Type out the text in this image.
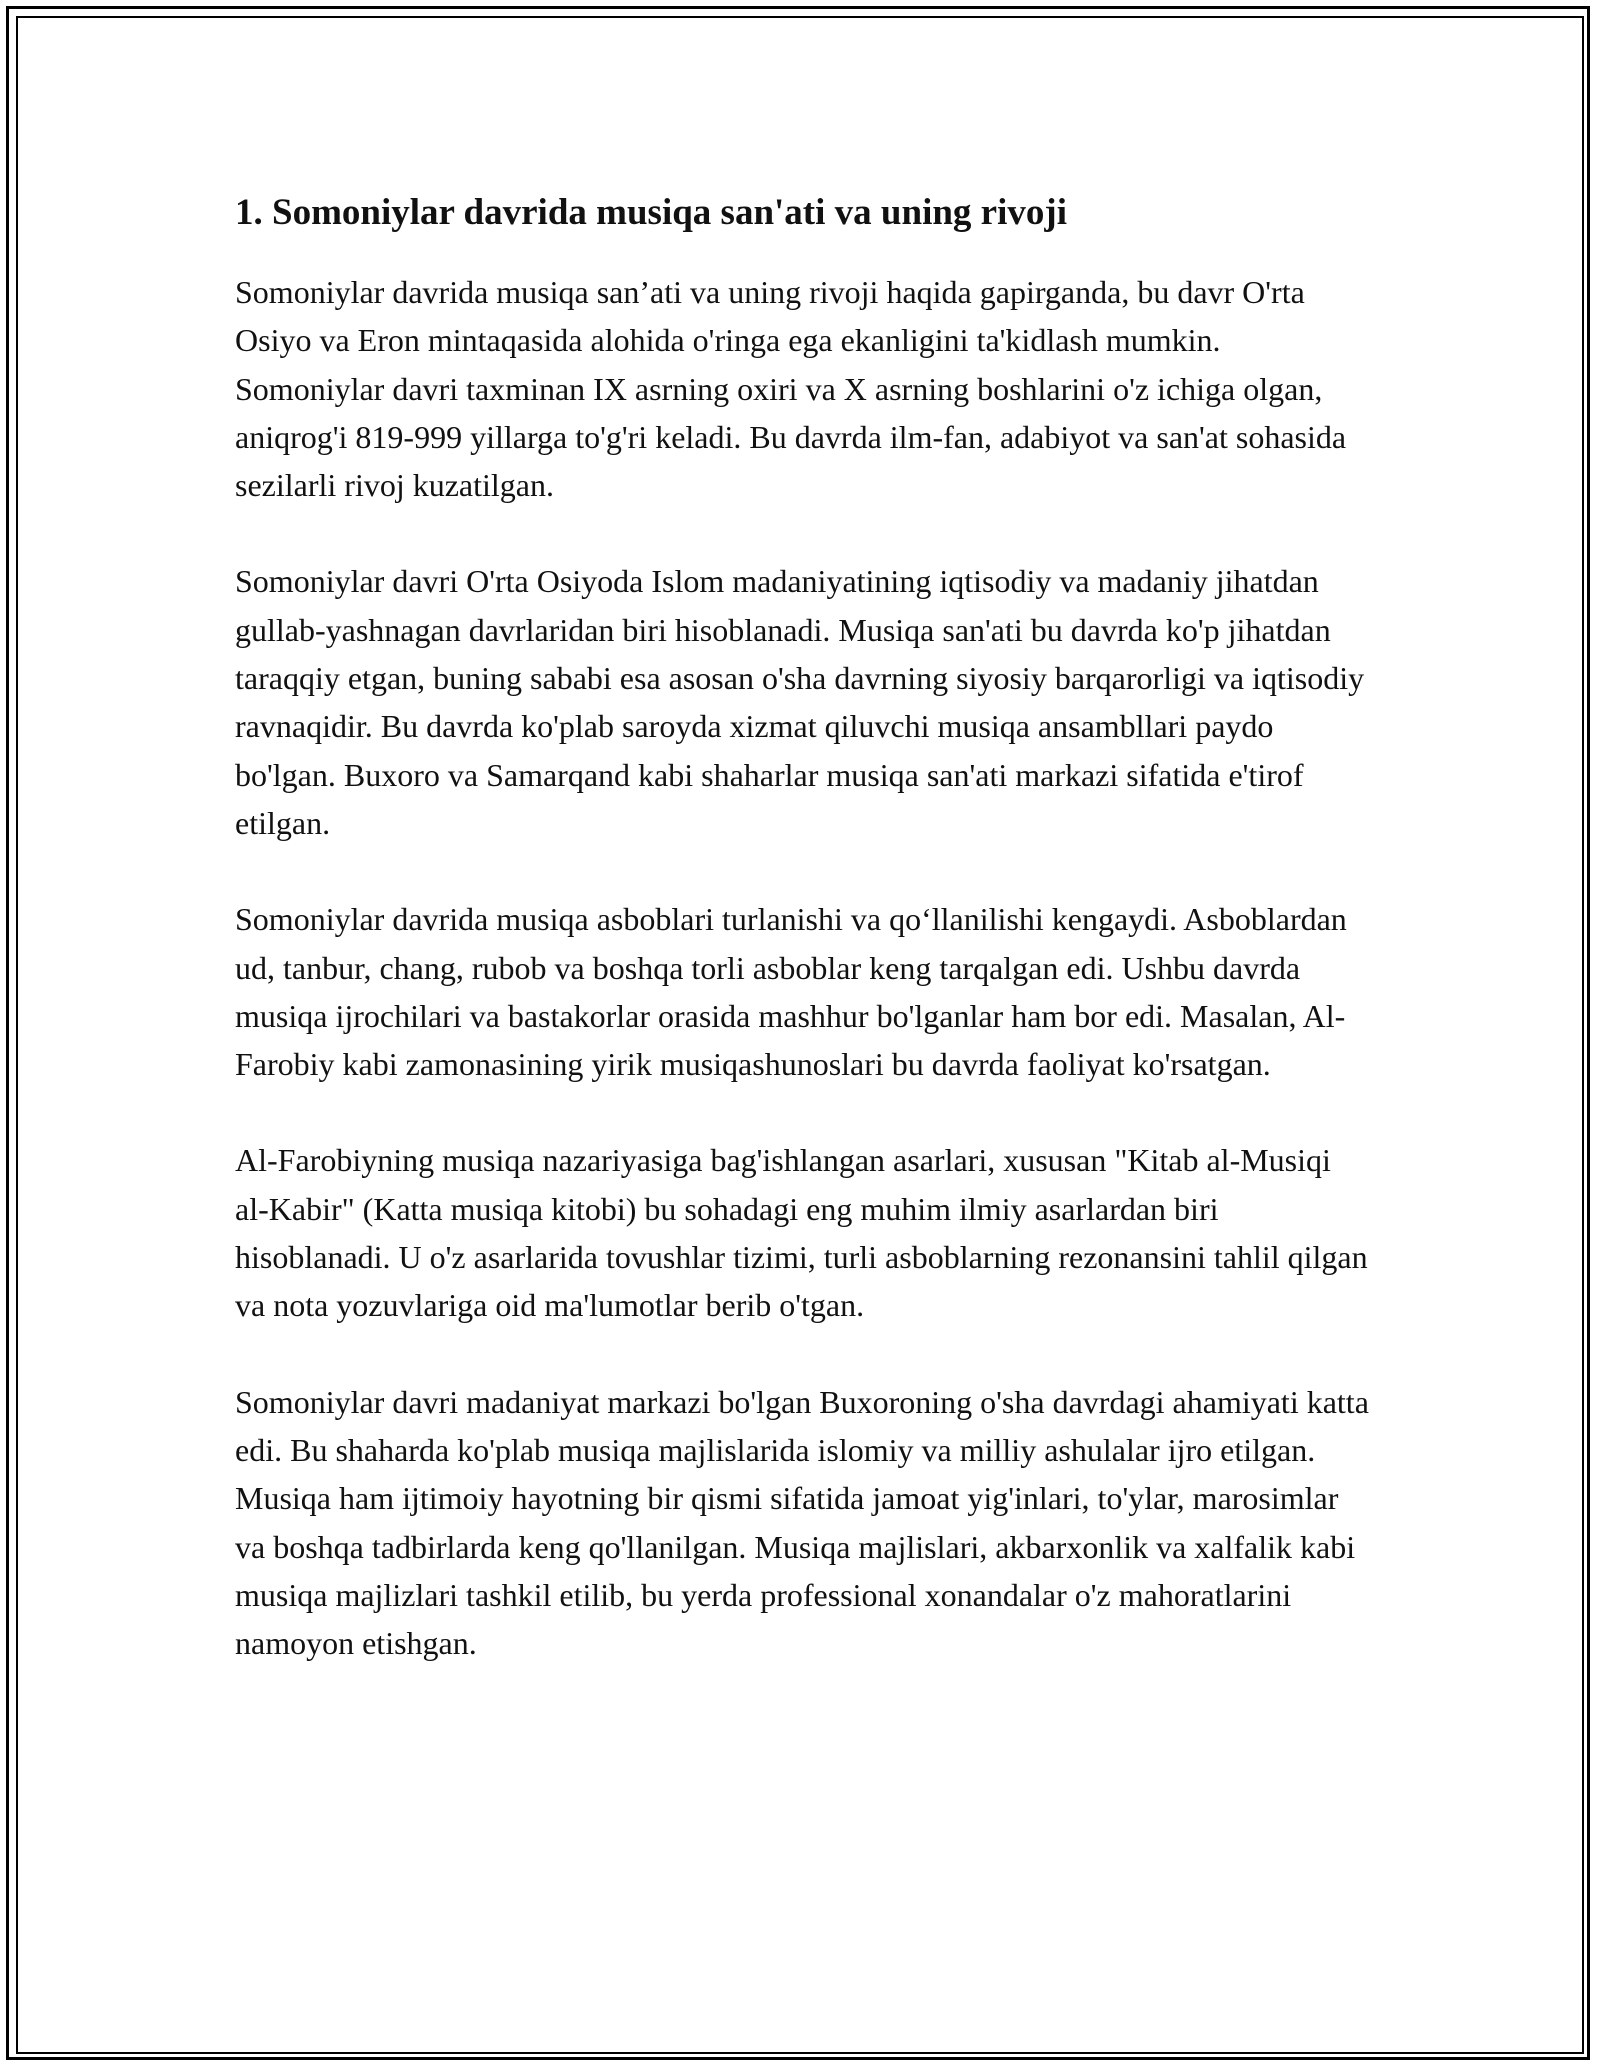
1. Somoniylar davrida musiqa san'ati va uning rivoji

Somoniylar davrida musiqa san’ati va uning rivoji haqida gapirganda, bu davr O'rta Osiyo va Eron mintaqasida alohida o'ringa ega ekanligini ta'kidlash mumkin. Somoniylar davri taxminan IX asrning oxiri va X asrning boshlarini o'z ichiga olgan, aniqrog'i 819-999 yillarga to'g'ri keladi. Bu davrda ilm-fan, adabiyot va san'at sohasida sezilarli rivoj kuzatilgan.

Somoniylar davri O'rta Osiyoda Islom madaniyatining iqtisodiy va madaniy jihatdan gullab-yashnagan davrlaridan biri hisoblanadi. Musiqa san'ati bu davrda ko'p jihatdan taraqqiy etgan, buning sababi esa asosan o'sha davrning siyosiy barqarorligi va iqtisodiy ravnaqidir. Bu davrda ko'plab saroyda xizmat qiluvchi musiqa ansambllari paydo bo'lgan. Buxoro va Samarqand kabi shaharlar musiqa san'ati markazi sifatida e'tirof etilgan.

Somoniylar davrida musiqa asboblari turlanishi va qo‘llanilishi kengaydi. Asboblardan ud, tanbur, chang, rubob va boshqa torli asboblar keng tarqalgan edi. Ushbu davrda musiqa ijrochilari va bastakorlar orasida mashhur bo'lganlar ham bor edi. Masalan, Al-Farobiy kabi zamonasining yirik musiqashunoslari bu davrda faoliyat ko'rsatgan.

Al-Farobiyning musiqa nazariyasiga bag'ishlangan asarlari, xususan "Kitab al-Musiqi al-Kabir" (Katta musiqa kitobi) bu sohadagi eng muhim ilmiy asarlardan biri hisoblanadi. U o'z asarlarida tovushlar tizimi, turli asboblarning rezonansini tahlil qilgan va nota yozuvlariga oid ma'lumotlar berib o'tgan.

Somoniylar davri madaniyat markazi bo'lgan Buxoroning o'sha davrdagi ahamiyati katta edi. Bu shaharda ko'plab musiqa majlislarida islomiy va milliy ashulalar ijro etilgan. Musiqa ham ijtimoiy hayotning bir qismi sifatida jamoat yig'inlari, to'ylar, marosimlar va boshqa tadbirlarda keng qo'llanilgan. Musiqa majlislari, akbarxonlik va xalfalik kabi musiqa majlizlari tashkil etilib, bu yerda professional xonandalar o'z mahoratlarini namoyon etishgan.
